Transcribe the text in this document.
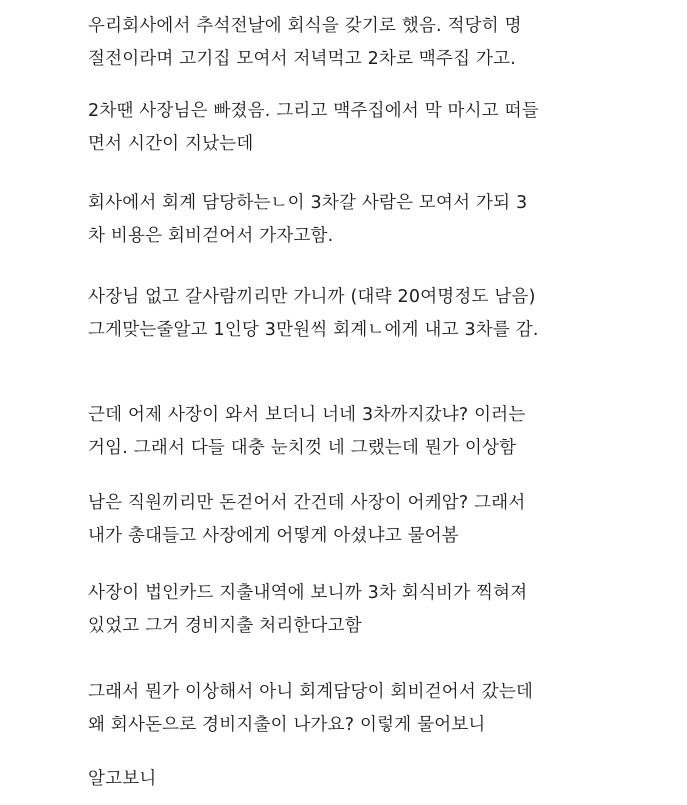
우리회사에서 추석전날에 회식을 갖기로 했음. 적당히 명
절전이라며 고기집 모여서 저녁먹고 2차로 맥주집 가고.

2차땐 사장님은 빠졌음. 그리고 맥주집에서 막 마시고 떠들
면서 시간이 지났는데

회사에서 회계 담당하는ㄴ이 3차갈 사람은 모여서 가되 3
차 비용은 회비걷어서 가자고함.

사장님 없고 갈사람끼리만 가니까 (대략 20여명정도 남음)
그게맞는줄알고 1인당 3만원씩 회계ㄴ에게 내고 3차를 감.

근데 어제 사장이 와서 보더니 너네 3차까지갔냐? 이러는
거임. 그래서 다들 대충 눈치껏 네 그랬는데 뭔가 이상함

남은 직원끼리만 돈걷어서 간건데 사장이 어케암? 그래서
내가 총대들고 사장에게 어떻게 아셨냐고 물어봄

사장이 법인카드 지출내역에 보니까 3차 회식비가 찍혀져
있었고 그거 경비지출 처리한다고함

그래서 뭔가 이상해서 아니 회계담당이 회비걷어서 갔는데
왜 회사돈으로 경비지출이 나가요? 이렇게 물어보니

알고보니
